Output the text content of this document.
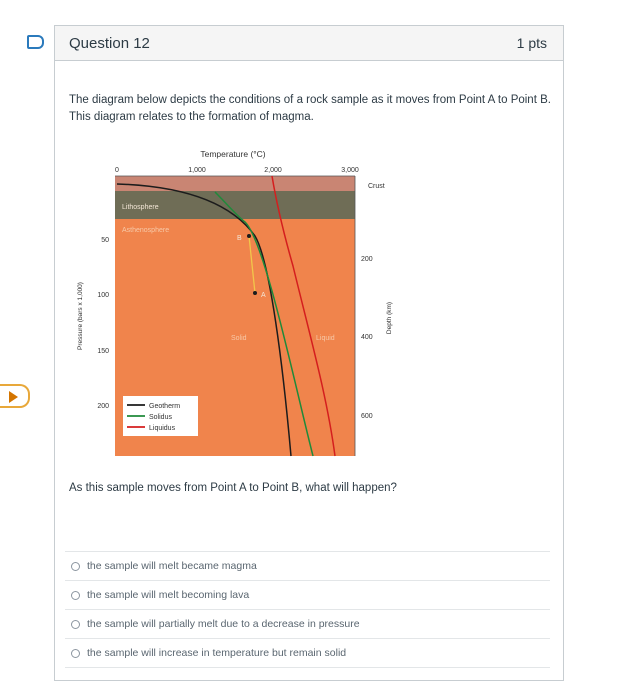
Question 12	1 pts
The diagram below depicts the conditions of a rock sample as it moves from Point A to Point B. This diagram relates to the formation of magma.
Temperature (°C)
0	1,000	2,000	3,000
Pressure (bars x 1,000)
50
100
150
200
Crust
200
400
600
Depth (km)
Lithosphere
Asthenosphere
Solid	Liquid
B
A
Geotherm
Solidus
Liquidus
As this sample moves from Point A to Point B, what will happen?
the sample will melt became magma
the sample will melt becoming lava
the sample will partially melt due to a decrease in pressure
the sample will increase in temperature but remain solid
